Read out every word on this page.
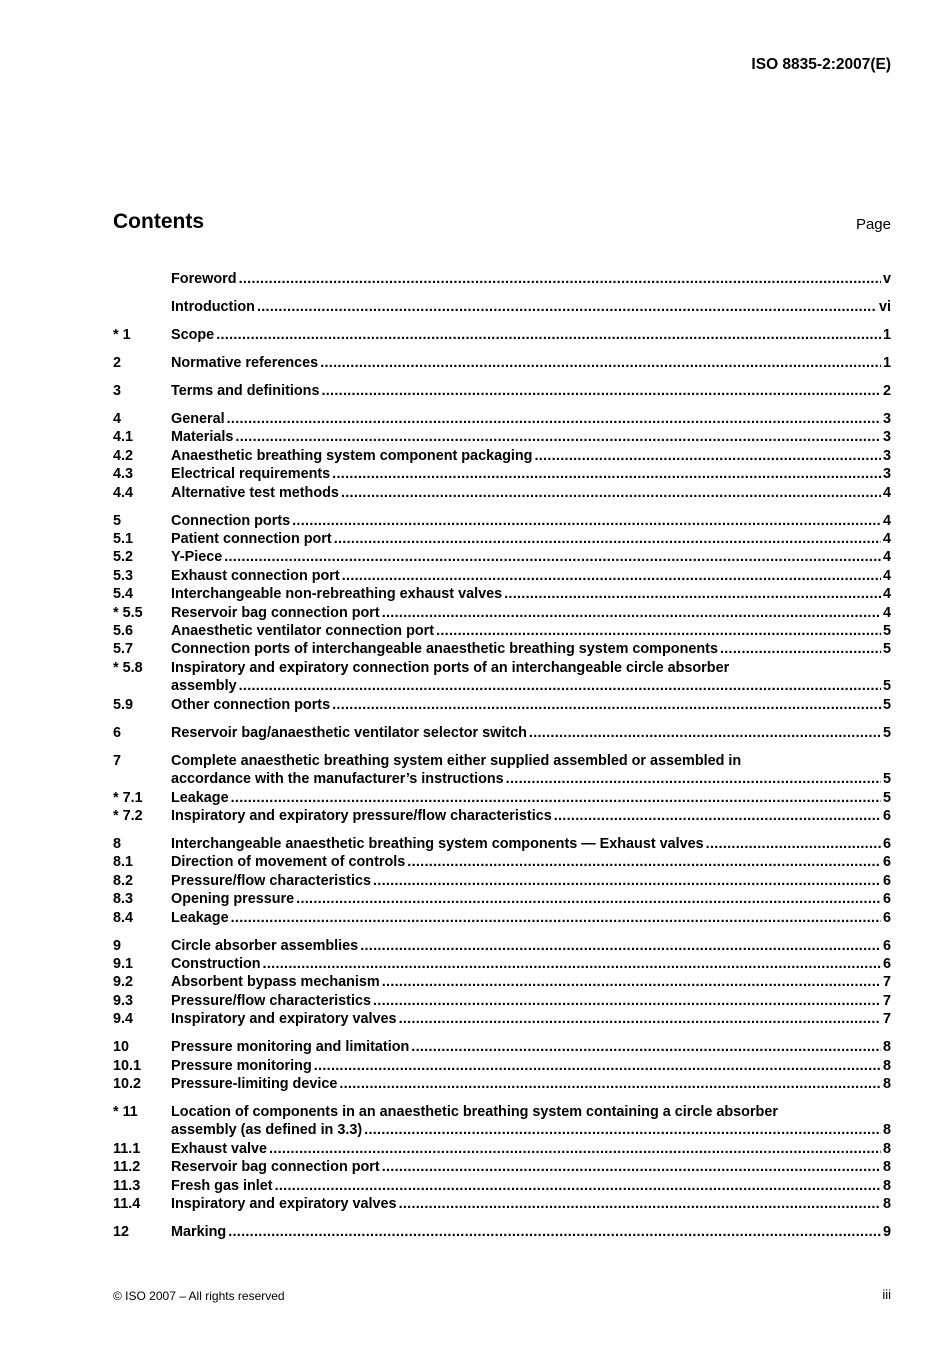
ISO 8835-2:2007(E)
Contents	Page
Foreword .....	v
Introduction .....	vi
* 1	Scope .....	1
2	Normative references .....	1
3	Terms and definitions .....	2
4	General .....	3
4.1	Materials .....	3
4.2	Anaesthetic breathing system component packaging .....	3
4.3	Electrical requirements .....	3
4.4	Alternative test methods .....	4
5	Connection ports .....	4
5.1	Patient connection port .....	4
5.2	Y-Piece .....	4
5.3	Exhaust connection port .....	4
5.4	Interchangeable non-rebreathing exhaust valves .....	4
* 5.5	Reservoir bag connection port .....	4
5.6	Anaesthetic ventilator connection port .....	5
5.7	Connection ports of interchangeable anaesthetic breathing system components .....	5
* 5.8	Inspiratory and expiratory connection ports of an interchangeable circle absorber
assembly .....	5
5.9	Other connection ports .....	5
6	Reservoir bag/anaesthetic ventilator selector switch .....	5
7	Complete anaesthetic breathing system either supplied assembled or assembled in
accordance with the manufacturer’s instructions .....	5
* 7.1	Leakage .....	5
* 7.2	Inspiratory and expiratory pressure/flow characteristics .....	6
8	Interchangeable anaesthetic breathing system components — Exhaust valves .....	6
8.1	Direction of movement of controls .....	6
8.2	Pressure/flow characteristics .....	6
8.3	Opening pressure .....	6
8.4	Leakage .....	6
9	Circle absorber assemblies .....	6
9.1	Construction .....	6
9.2	Absorbent bypass mechanism .....	7
9.3	Pressure/flow characteristics .....	7
9.4	Inspiratory and expiratory valves .....	7
10	Pressure monitoring and limitation .....	8
10.1	Pressure monitoring .....	8
10.2	Pressure-limiting device .....	8
* 11	Location of components in an anaesthetic breathing system containing a circle absorber
assembly (as defined in 3.3) .....	8
11.1	Exhaust valve .....	8
11.2	Reservoir bag connection port .....	8
11.3	Fresh gas inlet .....	8
11.4	Inspiratory and expiratory valves .....	8
12	Marking .....	9
© ISO 2007 – All rights reserved	iii
